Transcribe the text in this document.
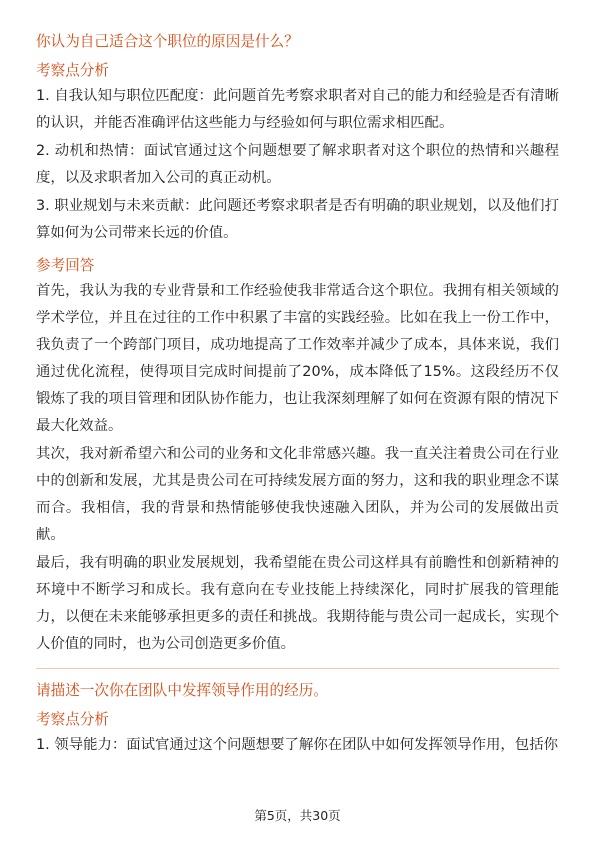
你认为自己适合这个职位的原因是什么？

考察点分析

1. 自我认知与职位匹配度：此问题首先考察求职者对自己的能力和经验是否有清晰的认识，并能否准确评估这些能力与经验如何与职位需求相匹配。

2. 动机和热情：面试官通过这个问题想要了解求职者对这个职位的热情和兴趣程度，以及求职者加入公司的真正动机。

3. 职业规划与未来贡献：此问题还考察求职者是否有明确的职业规划，以及他们打算如何为公司带来长远的价值。

参考回答

首先，我认为我的专业背景和工作经验使我非常适合这个职位。我拥有相关领域的学术学位，并且在过往的工作中积累了丰富的实践经验。比如在我上一份工作中，我负责了一个跨部门项目，成功地提高了工作效率并减少了成本，具体来说，我们通过优化流程，使得项目完成时间提前了20%，成本降低了15%。这段经历不仅锻炼了我的项目管理和团队协作能力，也让我深刻理解了如何在资源有限的情况下最大化效益。

其次，我对新希望六和公司的业务和文化非常感兴趣。我一直关注着贵公司在行业中的创新和发展，尤其是贵公司在可持续发展方面的努力，这和我的职业理念不谋而合。我相信，我的背景和热情能够使我快速融入团队，并为公司的发展做出贡献。

最后，我有明确的职业发展规划，我希望能在贵公司这样具有前瞻性和创新精神的环境中不断学习和成长。我有意向在专业技能上持续深化，同时扩展我的管理能力，以便在未来能够承担更多的责任和挑战。我期待能与贵公司一起成长，实现个人价值的同时，也为公司创造更多价值。

请描述一次你在团队中发挥领导作用的经历。

考察点分析

1. 领导能力：面试官通过这个问题想要了解你在团队中如何发挥领导作用，包括你

第5页，共30页
